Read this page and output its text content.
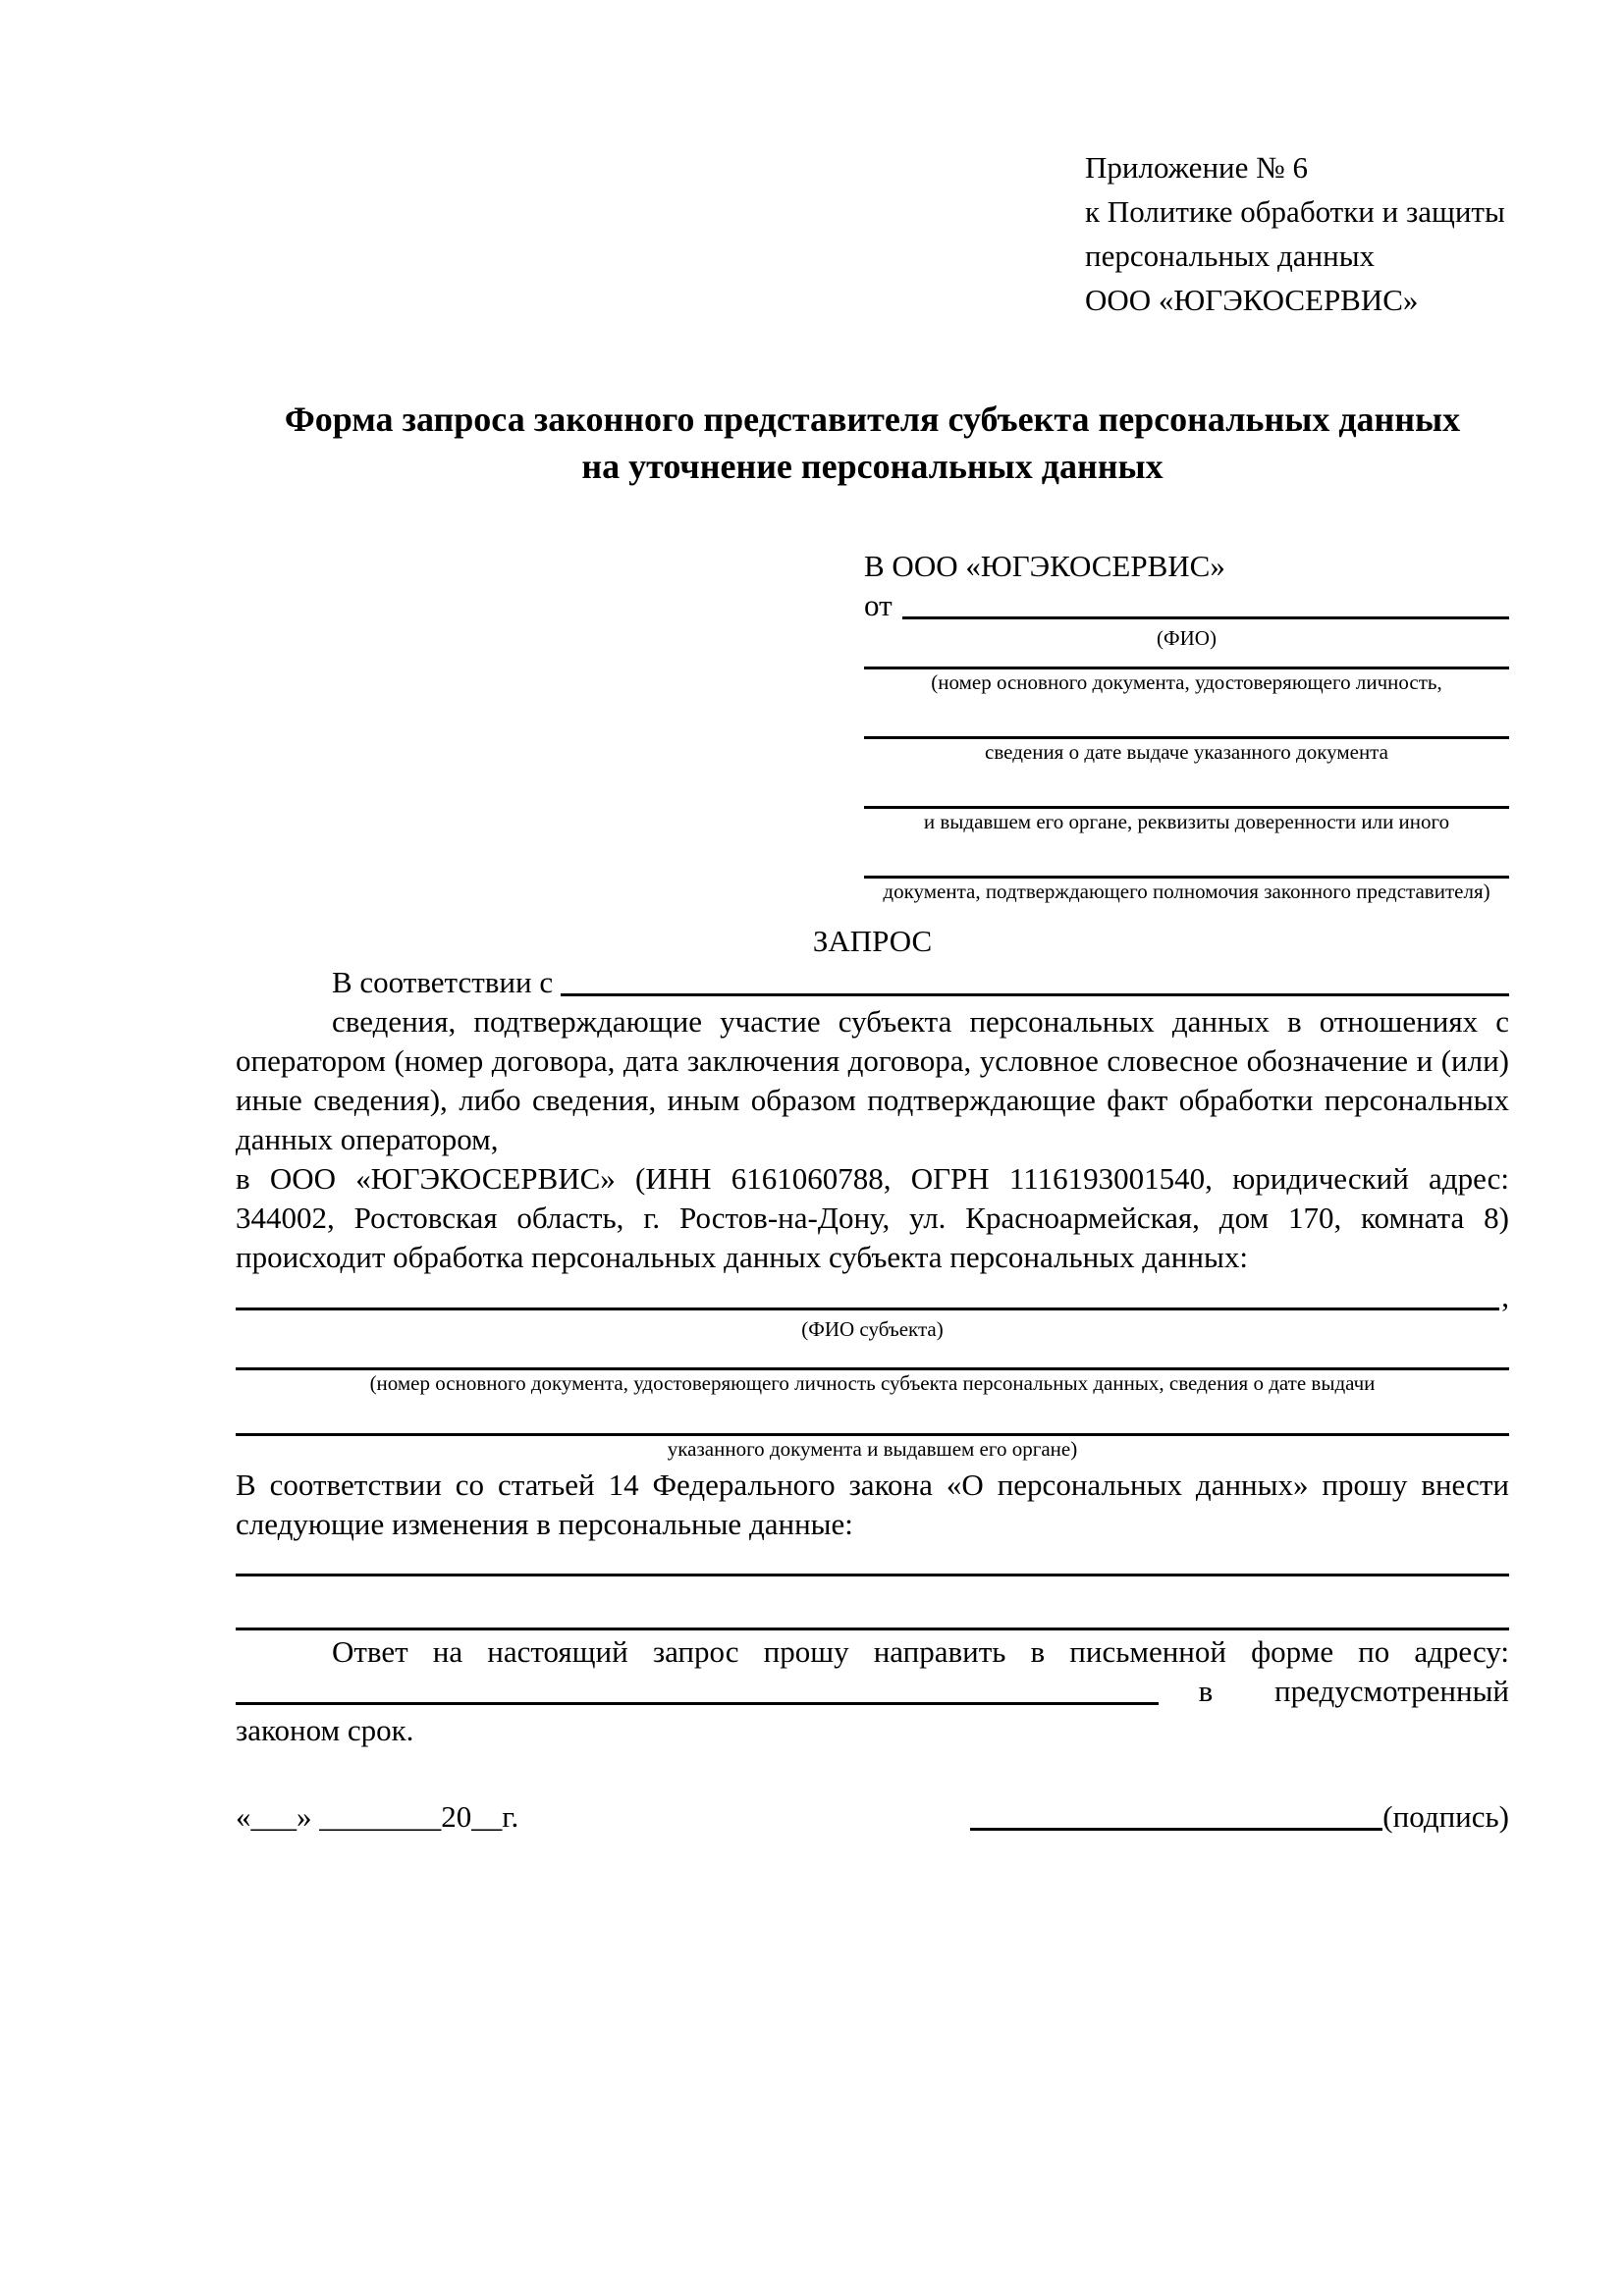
Приложение № 6
к Политике обработки и защиты
персональных данных
ООО «ЮГЭКОСЕРВИС»
Форма запроса законного представителя субъекта персональных данных
на уточнение персональных данных
В ООО «ЮГЭКОСЕРВИС»
от
(ФИО)
(номер основного документа, удостоверяющего личность,
сведения о дате выдаче указанного документа
и выдавшем его органе, реквизиты доверенности или иного
документа, подтверждающего полномочия законного представителя)
ЗАПРОС
В соответствии с

сведения, подтверждающие участие субъекта персональных данных в отношениях с оператором (номер договора, дата заключения договора, условное словесное обозначение и (или) иные сведения), либо сведения, иным образом подтверждающие факт обработки персональных данных оператором,

в ООО «ЮГЭКОСЕРВИС» (ИНН 6161060788, ОГРН 1116193001540, юридический адрес: 344002, Ростовская область, г. Ростов-на-Дону, ул. Красноармейская, дом 170, комната 8) происходит обработка персональных данных субъекта персональных данных:

,
(ФИО субъекта)
(номер основного документа, удостоверяющего личность субъекта персональных данных, сведения о дате выдачи
указанного документа и выдавшем его органе)

В соответствии со статьей 14 Федерального закона «О персональных данных» прошу внести следующие изменения в персональные данные:

Ответ на настоящий запрос прошу направить в письменной форме по адресу:

в предусмотренный

законом срок.

«___» ________20__г.	(подпись)
